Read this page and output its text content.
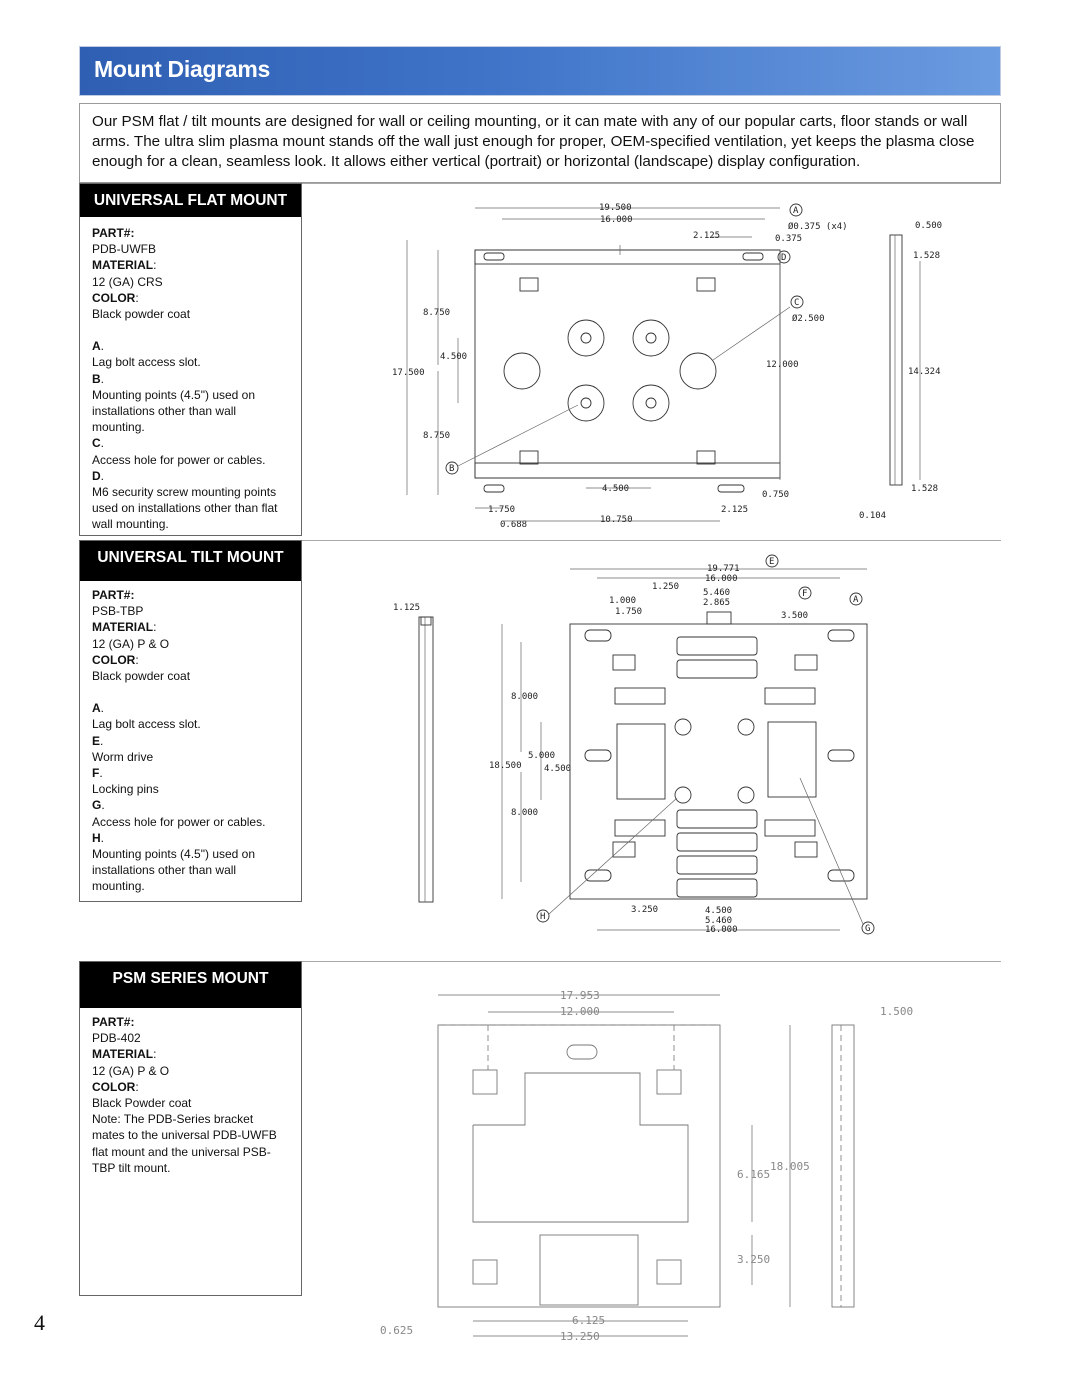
Mount Diagrams
Our PSM flat / tilt mounts are designed for wall or ceiling mounting, or it can mate with any of our popular carts, floor stands or wall arms. The ultra slim plasma mount stands off the wall just enough for proper, OEM-specified ventilation, yet keeps the plasma close enough for a clean, seamless look. It allows either vertical (portrait) or horizontal (landscape) display configuration.
UNIVERSAL FLAT MOUNT
PART#:
PDB-UWFB
MATERIAL:
12 (GA) CRS
COLOR:
Black powder coat
A.
Lag bolt access slot.
B.
Mounting points (4.5") used on installations other than wall mounting.
C.
Access hole for power or cables.
D.
M6 security screw mounting points used on installations other than flat wall mounting.
19.500
16.000
2.125
Ø0.375 (x4)
0.375
A
D
C
Ø2.500
17.500
8.750
8.750
4.500
12.000
B
4.500
1.750
0.688	10.750
2.125
0.750
0.500
1.528
14.324
1.528
0.104
UNIVERSAL TILT MOUNT
PART#:
PSB-TBP
MATERIAL:
12 (GA) P & O
COLOR:
Black powder coat
A.
Lag bolt access slot.
E.
Worm drive
F.
Locking pins
G.
Access hole for power or cables.
H.
Mounting points (4.5") used on installations other than wall mounting.
1.125
19.771
16.000
1.250
1.000
5.460
2.865
1.750	3.500
E
F
A
18.500
8.000
5.000
4.500
8.000
3.250	4.500
5.460
16.000
H
G
PSM SERIES MOUNT
PART#:
PDB-402
MATERIAL:
12 (GA) P & O
COLOR:
Black Powder coat
Note: The PDB-Series bracket mates to the universal PDB-UWFB flat mount and the universal PSB-TBP tilt mount.
17.953
12.000	1.500
18.005
6.165
3.250
0.625
6.125
13.250
4
